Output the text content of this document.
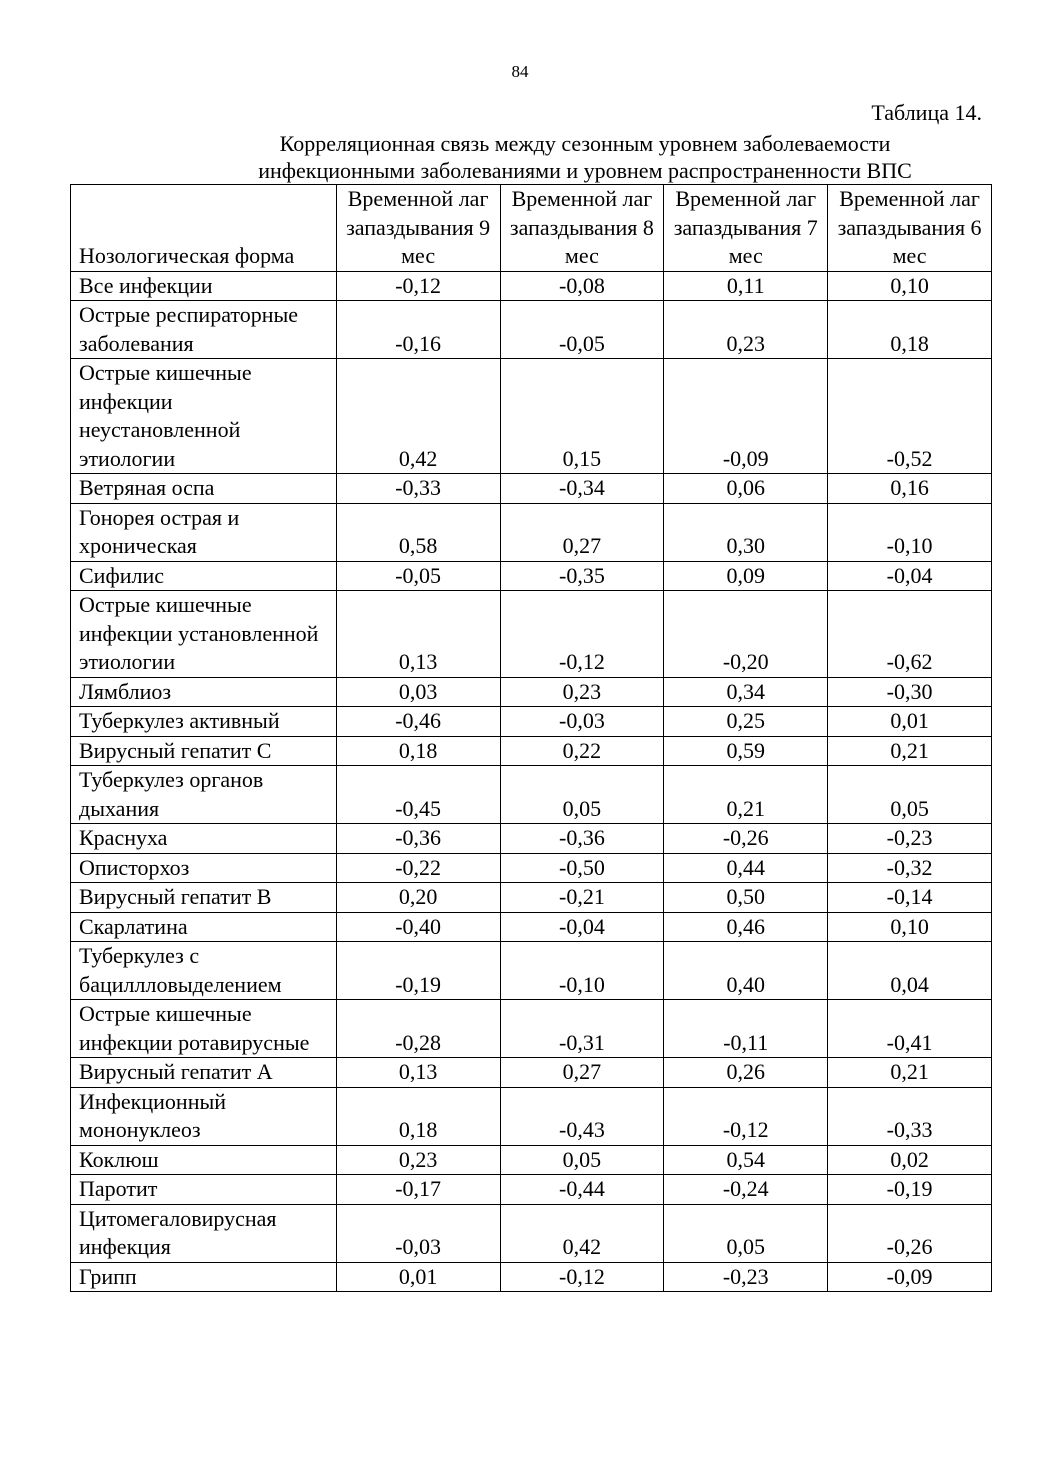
84
Таблица 14.
Корреляционная связь между сезонным уровнем заболеваемости
инфекционными заболеваниями и уровнем распространенности ВПС
Нозологическая форма	Временной лаг запаздывания 9 мес	Временной лаг запаздывания 8 мес	Временной лаг запаздывания 7 мес	Временной лаг запаздывания 6 мес
Все инфекции	-0,12	-0,08	0,11	0,10
Острые респираторные заболевания	-0,16	-0,05	0,23	0,18
Острые кишечные инфекции неустановленной этиологии	0,42	0,15	-0,09	-0,52
Ветряная оспа	-0,33	-0,34	0,06	0,16
Гонорея острая и хроническая	0,58	0,27	0,30	-0,10
Сифилис	-0,05	-0,35	0,09	-0,04
Острые кишечные инфекции установленной этиологии	0,13	-0,12	-0,20	-0,62
Лямблиоз	0,03	0,23	0,34	-0,30
Туберкулез активный	-0,46	-0,03	0,25	0,01
Вирусный гепатит С	0,18	0,22	0,59	0,21
Туберкулез органов дыхания	-0,45	0,05	0,21	0,05
Краснуха	-0,36	-0,36	-0,26	-0,23
Описторхоз	-0,22	-0,50	0,44	-0,32
Вирусный гепатит В	0,20	-0,21	0,50	-0,14
Скарлатина	-0,40	-0,04	0,46	0,10
Туберкулез с бациллловыделением	-0,19	-0,10	0,40	0,04
Острые кишечные инфекции ротавирусные	-0,28	-0,31	-0,11	-0,41
Вирусный гепатит А	0,13	0,27	0,26	0,21
Инфекционный мононуклеоз	0,18	-0,43	-0,12	-0,33
Коклюш	0,23	0,05	0,54	0,02
Паротит	-0,17	-0,44	-0,24	-0,19
Цитомегаловирусная инфекция	-0,03	0,42	0,05	-0,26
Грипп	0,01	-0,12	-0,23	-0,09
